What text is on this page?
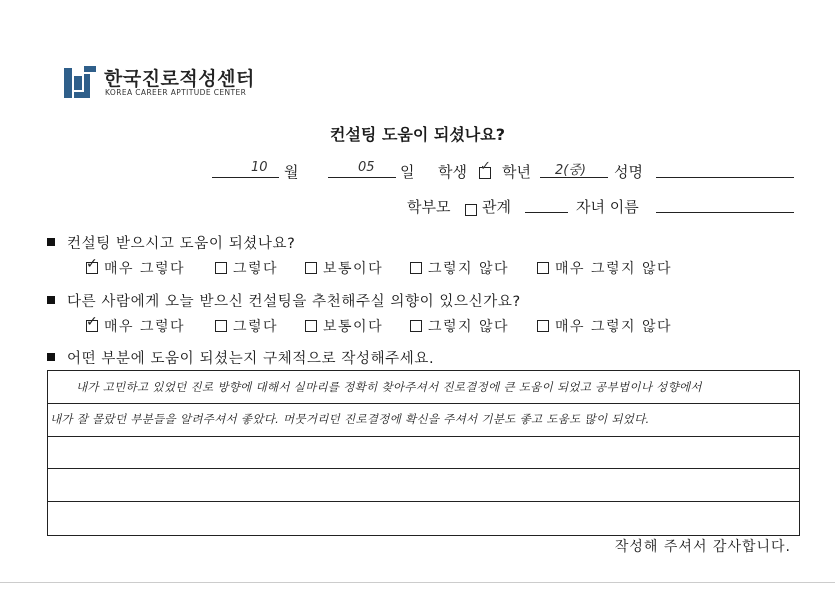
한국진로적성센터
KOREA CAREER APTITUDE CENTER
컨설팅 도움이 되셨나요?
10 월	05 일 학생 ✓ 학년 2(중) 성명
학부모 관계	자녀 이름
컨설팅 받으시고 도움이 되셨나요?
✓매우 그렇다	그렇다	보통이다	그렇지 않다	매우 그렇지 않다
다른 사람에게 오늘 받으신 컨설팅을 추천해주실 의향이 있으신가요?
✓매우 그렇다	그렇다	보통이다	그렇지 않다	매우 그렇지 않다
어떤 부분에 도움이 되셨는지 구체적으로 작성해주세요.
내가 고민하고 있었던 진로 방향에 대해서 실마리를 정확히 찾아주셔서 진로결정에 큰 도움이 되었고 공부법이나 성향에서
내가 잘 몰랐던 부분들을 알려주셔서 좋았다. 머뭇거리던 진로결정에 확신을 주셔서 기분도 좋고 도움도 많이 되었다.
작성해 주셔서 감사합니다.
